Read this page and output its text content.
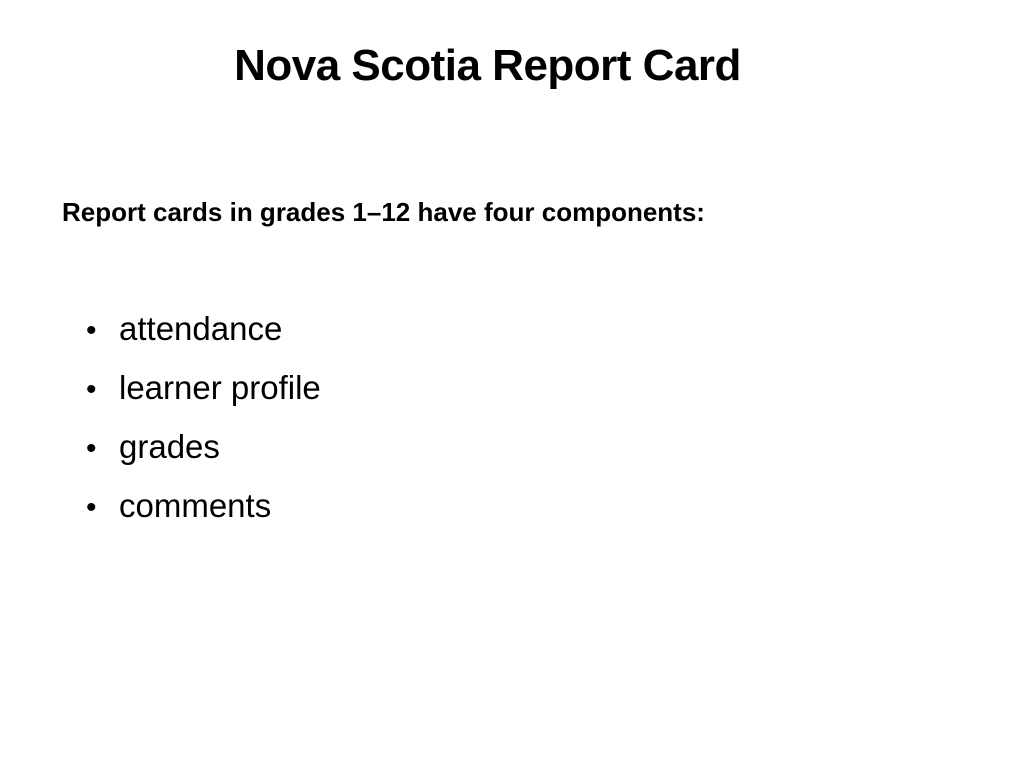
Nova Scotia Report Card

Report cards in grades 1–12 have four components:

• attendance
• learner profile
• grades
• comments
